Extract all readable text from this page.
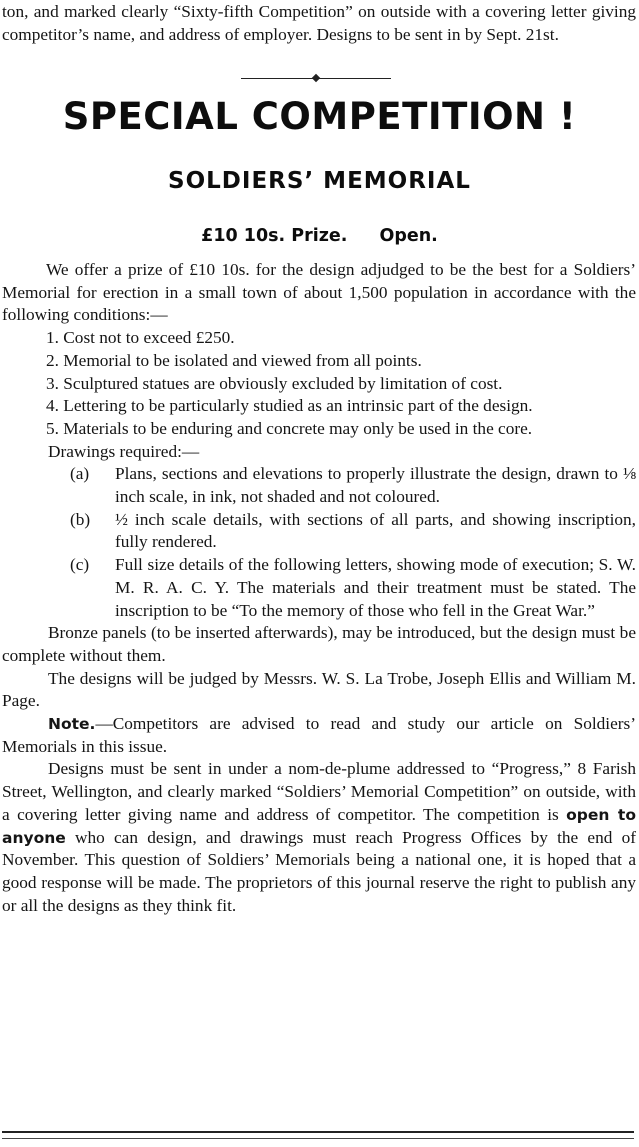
ton, and marked clearly “Sixty-fifth Competition” on outside with a covering letter giving competitor’s name, and address of employer. Designs to be sent in by Sept. 21st.

SPECIAL COMPETITION !
SOLDIERS’ MEMORIAL
£10 10s. Prize. Open.

We offer a prize of £10 10s. for the design adjudged to be the best for a Soldiers’ Memorial for erection in a small town of about 1,500 population in accordance with the following conditions:—

1. Cost not to exceed £250.

2. Memorial to be isolated and viewed from all points.

3. Sculptured statues are obviously excluded by limitation of cost.

4. Lettering to be particularly studied as an intrinsic part of the design.

5. Materials to be enduring and concrete may only be used in the core.

Drawings required:—

(a)	Plans, sections and elevations to properly illustrate the design, drawn to ⅛ inch scale, in ink, not shaded and not coloured.
(b)	½ inch scale details, with sections of all parts, and showing inscription, fully rendered.
(c)	Full size details of the following letters, showing mode of execution; S. W. M. R. A. C. Y. The materials and their treatment must be stated. The inscription to be “To the memory of those who fell in the Great War.”

Bronze panels (to be inserted afterwards), may be introduced, but the design must be complete without them.

The designs will be judged by Messrs. W. S. La Trobe, Joseph Ellis and William M. Page.

Note.—Competitors are advised to read and study our article on Soldiers’ Memorials in this issue.

Designs must be sent in under a nom-de-plume addressed to “Progress,” 8 Farish Street, Wellington, and clearly marked “Soldiers’ Memorial Competition” on outside, with a covering letter giving name and address of competitor. The competition is open to anyone who can design, and drawings must reach Progress Offices by the end of November. This question of Soldiers’ Memorials being a national one, it is hoped that a good response will be made. The proprietors of this journal reserve the right to publish any or all the designs as they think fit.
